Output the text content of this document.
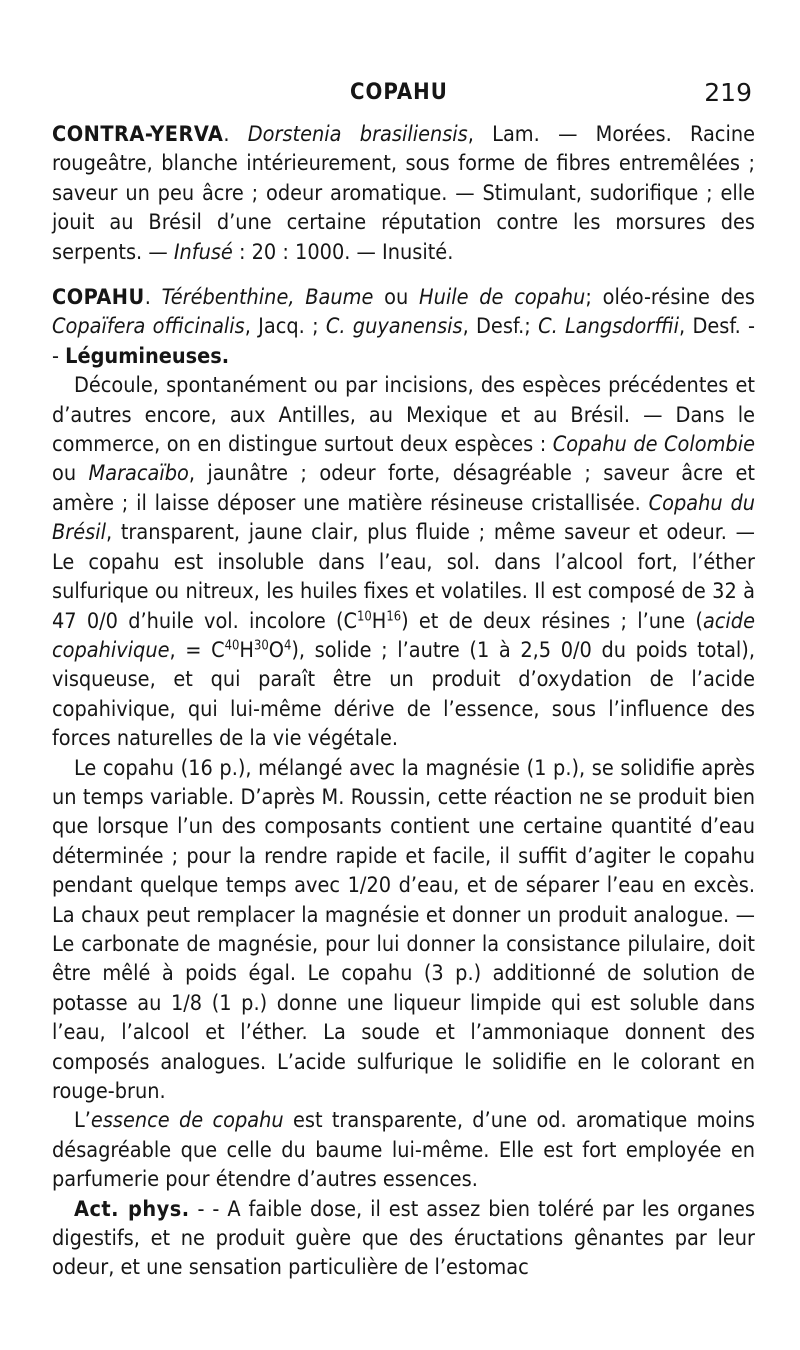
COPAHU	219

CONTRA-YERVA. Dorstenia brasiliensis, Lam. — Morées. Racine rougeâtre, blanche intérieurement, sous forme de fibres entremêlées ; saveur un peu âcre ; odeur aromatique. — Stimulant, sudorifique ; elle jouit au Brésil d’une certaine réputation contre les morsures des serpents. — Infusé : 20 : 1000. — Inusité.

COPAHU. Térébenthine, Baume ou Huile de copahu; oléo-résine des Copaïfera officinalis, Jacq. ; C. guyanensis, Desf.; C. Langsdorffii, Desf. - - Légumineuses.

Découle, spontanément ou par incisions, des espèces précédentes et d’autres encore, aux Antilles, au Mexique et au Brésil. — Dans le commerce, on en distingue surtout deux espèces : Copahu de Colombie ou Maracaïbo, jaunâtre ; odeur forte, désagréable ; saveur âcre et amère ; il laisse déposer une matière résineuse cristallisée. Copahu du Brésil, transparent, jaune clair, plus fluide ; même saveur et odeur. — Le copahu est insoluble dans l’eau, sol. dans l’alcool fort, l’éther sulfurique ou nitreux, les huiles fixes et volatiles. Il est composé de 32 à 47 0/0 d’huile vol. incolore $(C^{10}H^{16})$ et de deux résines ; l’une (acide copahivique, = $C^{40}H^{30}O^4$), solide ; l’autre (1 à 2,5 0/0 du poids total), visqueuse, et qui paraît être un produit d’oxydation de l’acide copahivique, qui lui-même dérive de l’essence, sous l’influence des forces naturelles de la vie végétale.

Le copahu (16 p.), mélangé avec la magnésie (1 p.), se solidifie après un temps variable. D’après M. Roussin, cette réaction ne se produit bien que lorsque l’un des composants contient une certaine quantité d’eau déterminée ; pour la rendre rapide et facile, il suffit d’agiter le copahu pendant quelque temps avec 1/20 d’eau, et de séparer l’eau en excès. La chaux peut remplacer la magnésie et donner un produit analogue. — Le carbonate de magnésie, pour lui donner la consistance pilulaire, doit être mêlé à poids égal. Le copahu (3 p.) additionné de solution de potasse au 1/8 (1 p.) donne une liqueur limpide qui est soluble dans l’eau, l’alcool et l’éther. La soude et l’ammoniaque donnent des composés analogues. L’acide sulfurique le solidifie en le colorant en rouge-brun.

L’essence de copahu est transparente, d’une od. aromatique moins désagréable que celle du baume lui-même. Elle est fort employée en parfumerie pour étendre d’autres essences.

Act. phys. - - A faible dose, il est assez bien toléré par les organes digestifs, et ne produit guère que des éructations gênantes par leur odeur, et une sensation particulière de l’estomac
